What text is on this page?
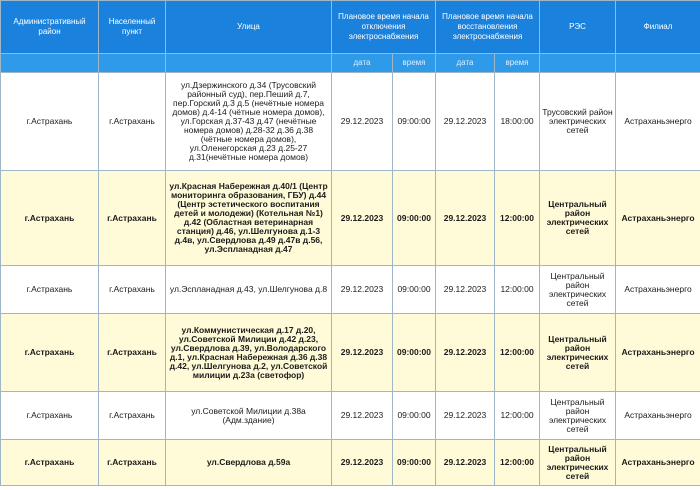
Административный район	Населенный пункт	Улица	Плановое время начала отключения электроснабжения		Плановое время начала восстановления электроснабжения		РЭС	Филиал
			дата	время	дата	время		
г.Астрахань	г.Астрахань	ул.Дзержинского д.34 (Трусовский районный суд), пер.Пеший д.7, пер.Горский д.3 д.5 (нечётные номера домов) д.4-14 (чётные номера домов), ул.Горская д.37-43 д.47 (нечётные номера домов) д.28-32 д.36 д.38 (чётные номера домов), ул.Оленегорская д.23 д.25-27 д.31(нечётные номера домов)	29.12.2023	09:00:00	29.12.2023	18:00:00	Трусовский район электрических сетей	Астраханьэнерго
г.Астрахань	г.Астрахань	ул.Красная Набережная д.40/1 (Центр мониторинга образования, ГБУ) д.44 (Центр эстетического воспитания детей и молодежи) (Котельная №1) д.42 (Областная ветеринарная станция) д.46, ул.Шелгунова д.1-3 д.4в, ул.Свердлова д.49 д.47в д.56, ул.Эспланадная д.47	29.12.2023	09:00:00	29.12.2023	12:00:00	Центральный район электрических сетей	Астраханьэнерго
г.Астрахань	г.Астрахань	ул.Эспланадная д.43, ул.Шелгунова д.8	29.12.2023	09:00:00	29.12.2023	12:00:00	Центральный район электрических сетей	Астраханьэнерго
г.Астрахань	г.Астрахань	ул.Коммунистическая д.17 д.20, ул.Советской Милиции д.42 д.23, ул.Свердлова д.39, ул.Володарского д.1, ул.Красная Набережная д.36 д.38 д.42, ул.Шелгунова д.2, ул.Советской милиции д.23а (светофор)	29.12.2023	09:00:00	29.12.2023	12:00:00	Центральный район электрических сетей	Астраханьэнерго
г.Астрахань	г.Астрахань	ул.Советской Милиции д.38а (Адм.здание)	29.12.2023	09:00:00	29.12.2023	12:00:00	Центральный район электрических сетей	Астраханьэнерго
г.Астрахань	г.Астрахань	ул.Свердлова д.59а	29.12.2023	09:00:00	29.12.2023	12:00:00	Центральный район электрических сетей	Астраханьэнерго
